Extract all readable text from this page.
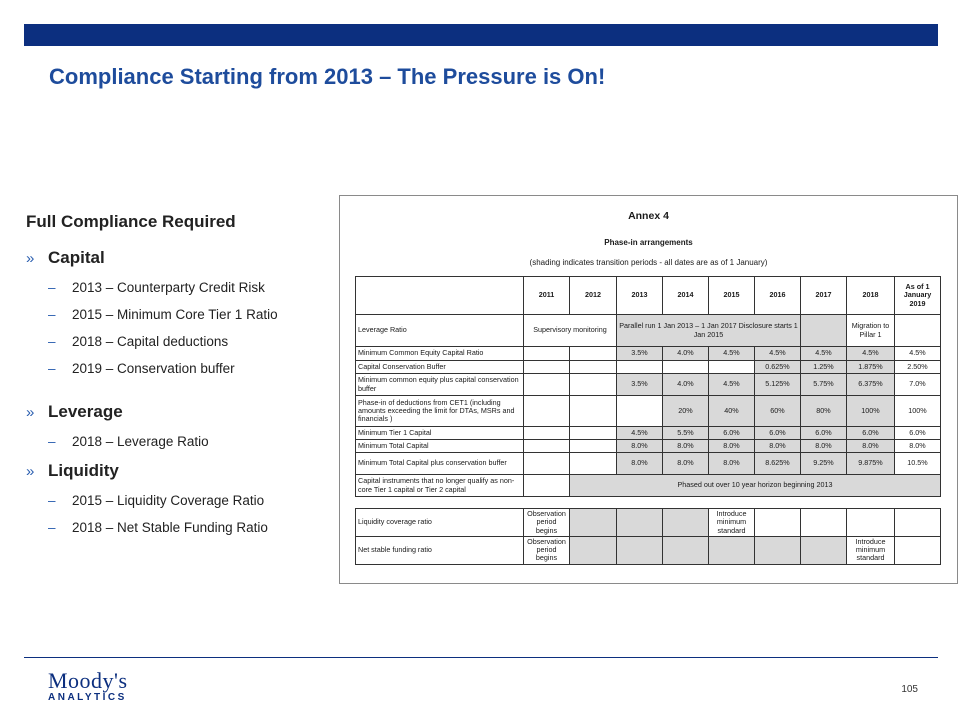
Compliance Starting from 2013 – The Pressure is On!
Full Compliance Required
» Capital
–	2013 – Counterparty Credit Risk
–	2015 – Minimum Core Tier 1 Ratio
–	2018 – Capital deductions
–	2019 – Conservation buffer
» Leverage
–	2018 – Leverage Ratio
» Liquidity
–	2015 – Liquidity Coverage Ratio
–	2018 – Net Stable Funding Ratio
Annex 4
Phase-in arrangements
(shading indicates transition periods - all dates are as of 1 January)
	2011	2012	2013	2014	2015	2016	2017	2018	As of 1 January 2019
Leverage Ratio	Supervisory monitoring		Parallel run 1 Jan 2013 – 1 Jan 2017 Disclosure starts 1 Jan 2015					Migration to Pillar 1	
Minimum Common Equity Capital Ratio			3.5%	4.0%	4.5%	4.5%	4.5%	4.5%	4.5%
Capital Conservation Buffer						0.625%	1.25%	1.875%	2.50%
Minimum common equity plus capital conservation buffer			3.5%	4.0%	4.5%	5.125%	5.75%	6.375%	7.0%
Phase-in of deductions from CET1 (including amounts exceeding the limit for DTAs, MSRs and financials )				20%	40%	60%	80%	100%	100%
Minimum Tier 1 Capital			4.5%	5.5%	6.0%	6.0%	6.0%	6.0%	6.0%
Minimum Total Capital			8.0%	8.0%	8.0%	8.0%	8.0%	8.0%	8.0%
Minimum Total Capital plus conservation buffer			8.0%	8.0%	8.0%	8.625%	9.25%	9.875%	10.5%
Capital instruments that no longer qualify as non-core Tier 1 capital or Tier 2 capital		Phased out over 10 year horizon beginning 2013							

Liquidity coverage ratio	Observation period begins				Introduce minimum standard				
Net stable funding ratio	Observation period begins							Introduce minimum standard	
Moody's
ANALYTICS
105
